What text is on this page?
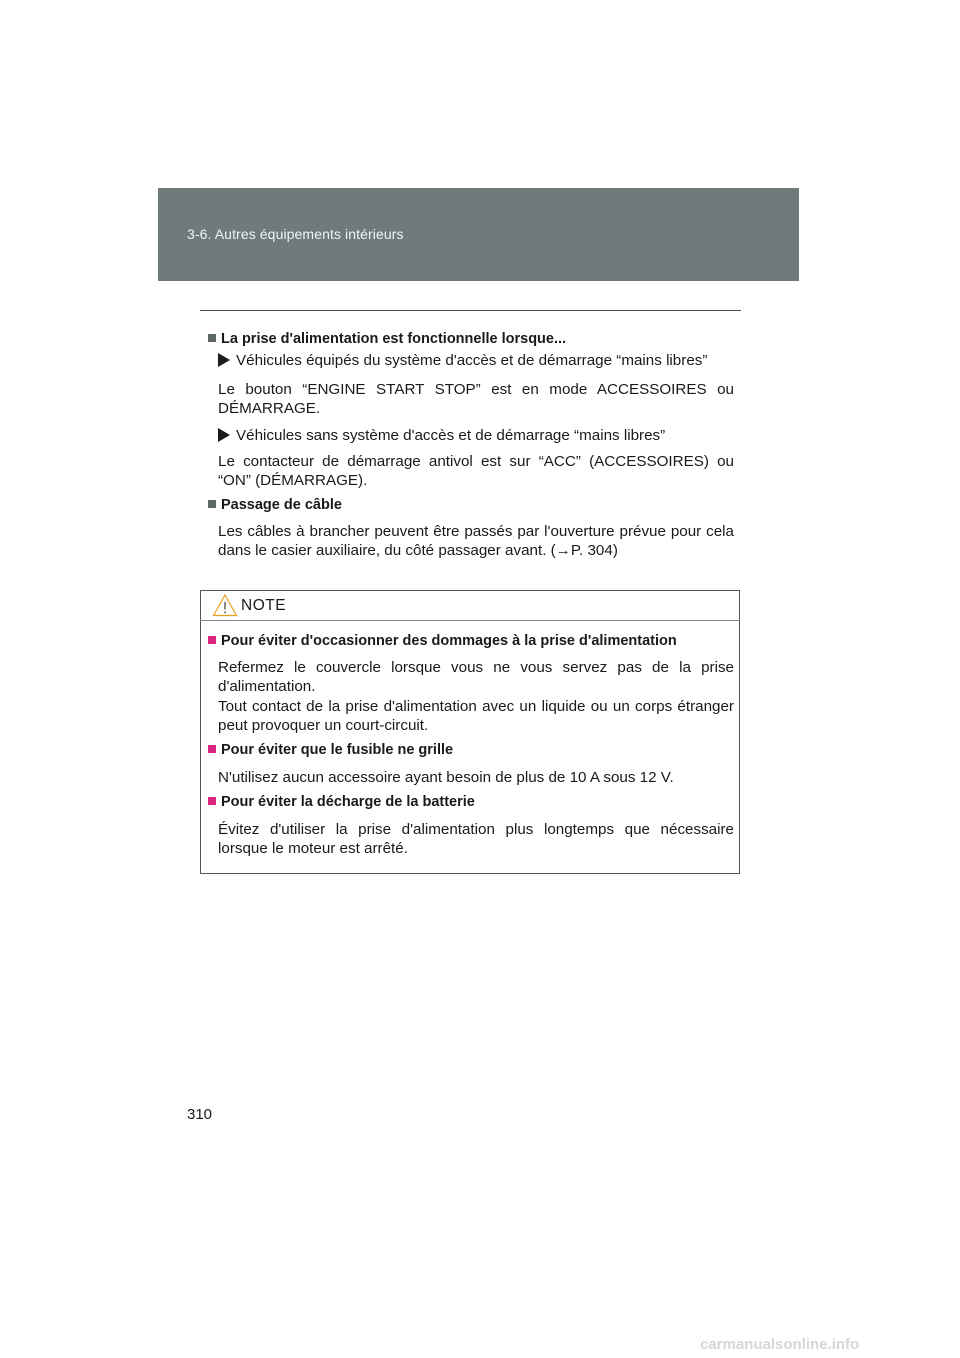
3-6. Autres équipements intérieurs
La prise d'alimentation est fonctionnelle lorsque...
Véhicules équipés du système d'accès et de démarrage “mains libres”
Le bouton “ENGINE START STOP” est en mode ACCESSOIRES ou DÉMARRAGE.
Véhicules sans système d'accès et de démarrage “mains libres”
Le contacteur de démarrage antivol est sur “ACC” (ACCESSOIRES) ou “ON” (DÉMARRAGE).
Passage de câble
Les câbles à brancher peuvent être passés par l'ouverture prévue pour cela dans le casier auxiliaire, du côté passager avant. (→P. 304)
NOTE
Pour éviter d'occasionner des dommages à la prise d'alimentation
Refermez le couvercle lorsque vous ne vous servez pas de la prise d'alimentation.
Tout contact de la prise d'alimentation avec un liquide ou un corps étranger peut provoquer un court-circuit.
Pour éviter que le fusible ne grille
N'utilisez aucun accessoire ayant besoin de plus de 10 A sous 12 V.
Pour éviter la décharge de la batterie
Évitez d'utiliser la prise d'alimentation plus longtemps que nécessaire lorsque le moteur est arrêté.
310
carmanualsonline.info
